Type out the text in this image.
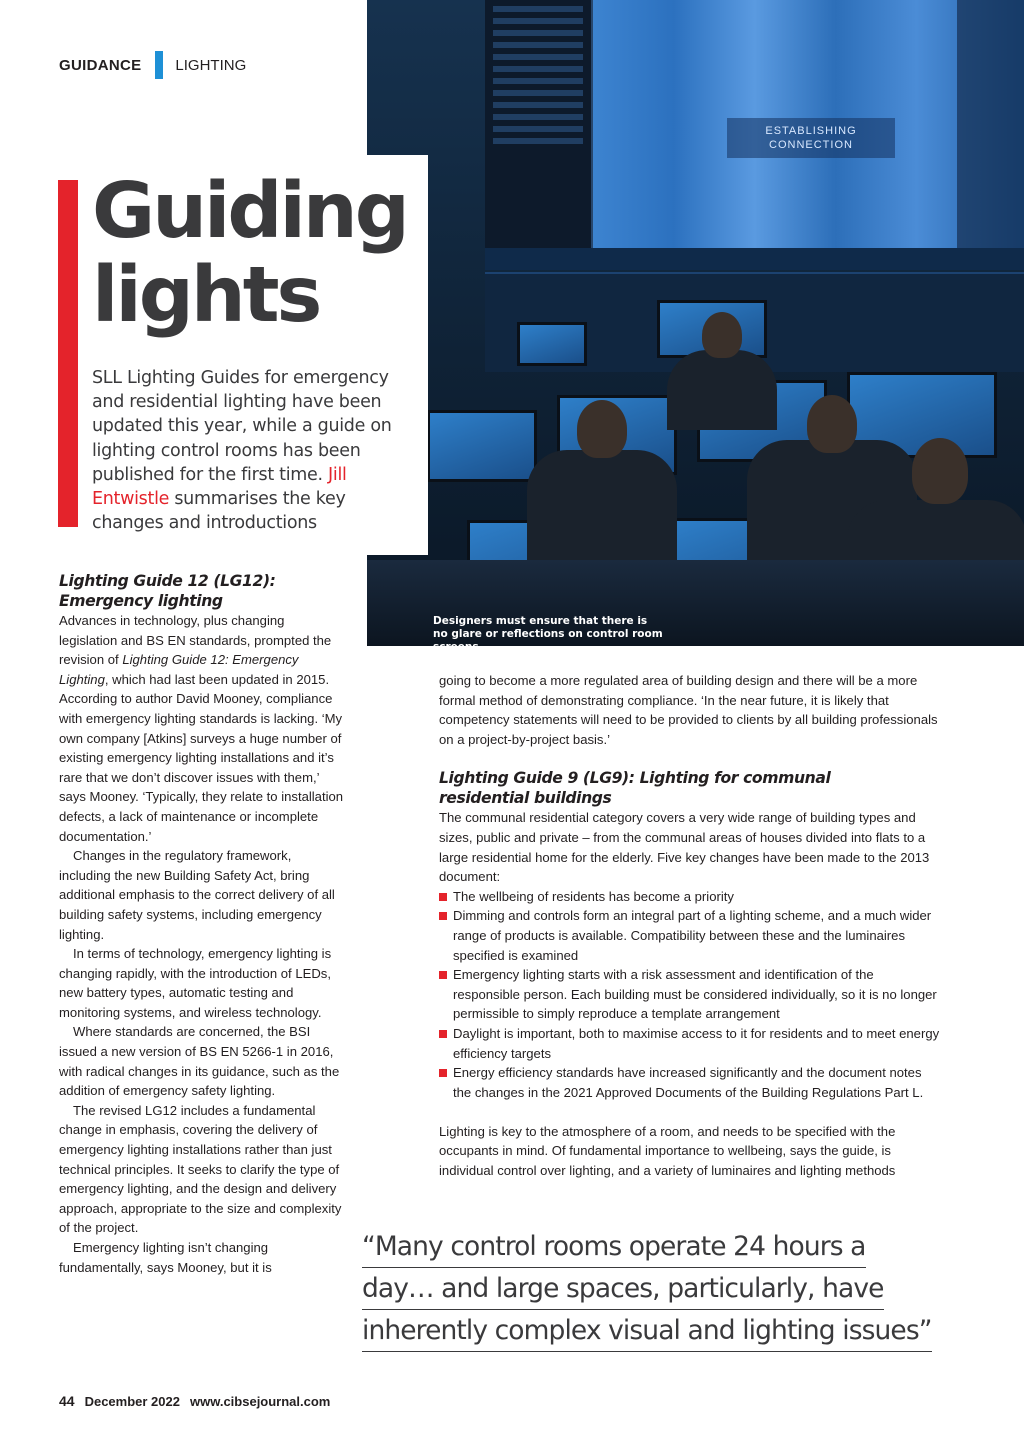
GUIDANCE LIGHTING
ESTABLISHING
CONNECTION
Designers must ensure that there is no glare or reflections on control room screens
Guiding
lights

SLL Lighting Guides for emergency and residential lighting have been updated this year, while a guide on lighting control rooms has been published for the first time. Jill Entwistle summarises the key changes and introductions

Lighting Guide 12 (LG12): Emergency lighting

Advances in technology, plus changing legislation and BS EN standards, prompted the revision of Lighting Guide 12: Emergency Lighting, which had last been updated in 2015. According to author David Mooney, compliance with emergency lighting standards is lacking. ‘My own company [Atkins] surveys a huge number of existing emergency lighting installations and it’s rare that we don’t discover issues with them,’ says Mooney. ‘Typically, they relate to installation defects, a lack of maintenance or incomplete documentation.’

Changes in the regulatory framework, including the new Building Safety Act, bring additional emphasis to the correct delivery of all building safety systems, including emergency lighting.

In terms of technology, emergency lighting is changing rapidly, with the introduction of LEDs, new battery types, automatic testing and monitoring systems, and wireless technology.

Where standards are concerned, the BSI issued a new version of BS EN 5266-1 in 2016, with radical changes in its guidance, such as the addition of emergency safety lighting.

The revised LG12 includes a fundamental change in emphasis, covering the delivery of emergency lighting installations rather than just technical principles. It seeks to clarify the type of emergency lighting, and the design and delivery approach, appropriate to the size and complexity of the project.

Emergency lighting isn’t changing fundamentally, says Mooney, but it is

going to become a more regulated area of building design and there will be a more formal method of demonstrating compliance. ‘In the near future, it is likely that competency statements will need to be provided to clients by all building professionals on a project-by-project basis.’

Lighting Guide 9 (LG9): Lighting for communal residential buildings

The communal residential category covers a very wide range of building types and sizes, public and private – from the communal areas of houses divided into flats to a large residential home for the elderly. Five key changes have been made to the 2013 document:

The wellbeing of residents has become a priority
Dimming and controls form an integral part of a lighting scheme, and a much wider range of products is available. Compatibility between these and the luminaires specified is examined
Emergency lighting starts with a risk assessment and identification of the responsible person. Each building must be considered individually, so it is no longer permissible to simply reproduce a template arrangement
Daylight is important, both to maximise access to it for residents and to meet energy efficiency targets
Energy efficiency standards have increased significantly and the document notes the changes in the 2021 Approved Documents of the Building Regulations Part L.

Lighting is key to the atmosphere of a room, and needs to be specified with the occupants in mind. Of fundamental importance to wellbeing, says the guide, is individual control over lighting, and a variety of luminaires and lighting methods

“Many control rooms operate 24 hours a
day… and large spaces, particularly, have
inherently complex visual and lighting issues”
44 December 2022 www.cibsejournal.com
